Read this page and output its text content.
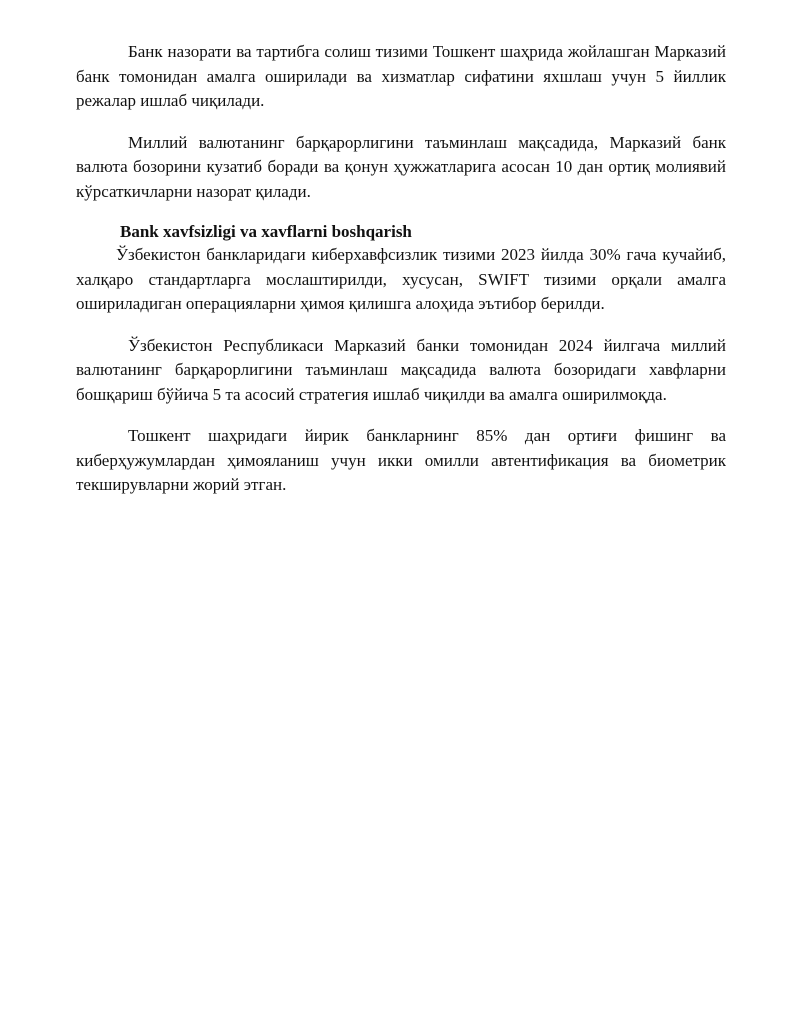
Банк назорати ва тартибга солиш тизими Тошкент шаҳрида жойлашган Марказий банк томонидан амалга оширилади ва хизматлар сифатини яхшлаш учун 5 йиллик режалар ишлаб чиқилади.

Миллий валютанинг барқарорлигини таъминлаш мақсадида, Марказий банк валюта бозорини кузатиб боради ва қонун ҳужжатларига асосан 10 дан ортиқ молиявий кўрсаткичларни назорат қилади.

Bank xavfsizligi va xavflarni boshqarish

Ўзбекистон банкларидаги киберхавфсизлик тизими 2023 йилда 30% гача кучайиб, халқаро стандартларга мослаштирилди, хусусан, SWIFT тизими орқали амалга ошириладиган операцияларни ҳимоя қилишга алоҳида эътибор берилди.

Ўзбекистон Республикаси Марказий банки томонидан 2024 йилгача миллий валютанинг барқарорлигини таъминлаш мақсадида валюта бозоридаги хавфларни бошқариш бўйича 5 та асосий стратегия ишлаб чиқилди ва амалга оширилмоқда.

Тошкент шаҳридаги йирик банкларнинг 85% дан ортиғи фишинг ва киберҳужумлардан ҳимояланиш учун икки омилли автентификация ва биометрик текширувларни жорий этган.
